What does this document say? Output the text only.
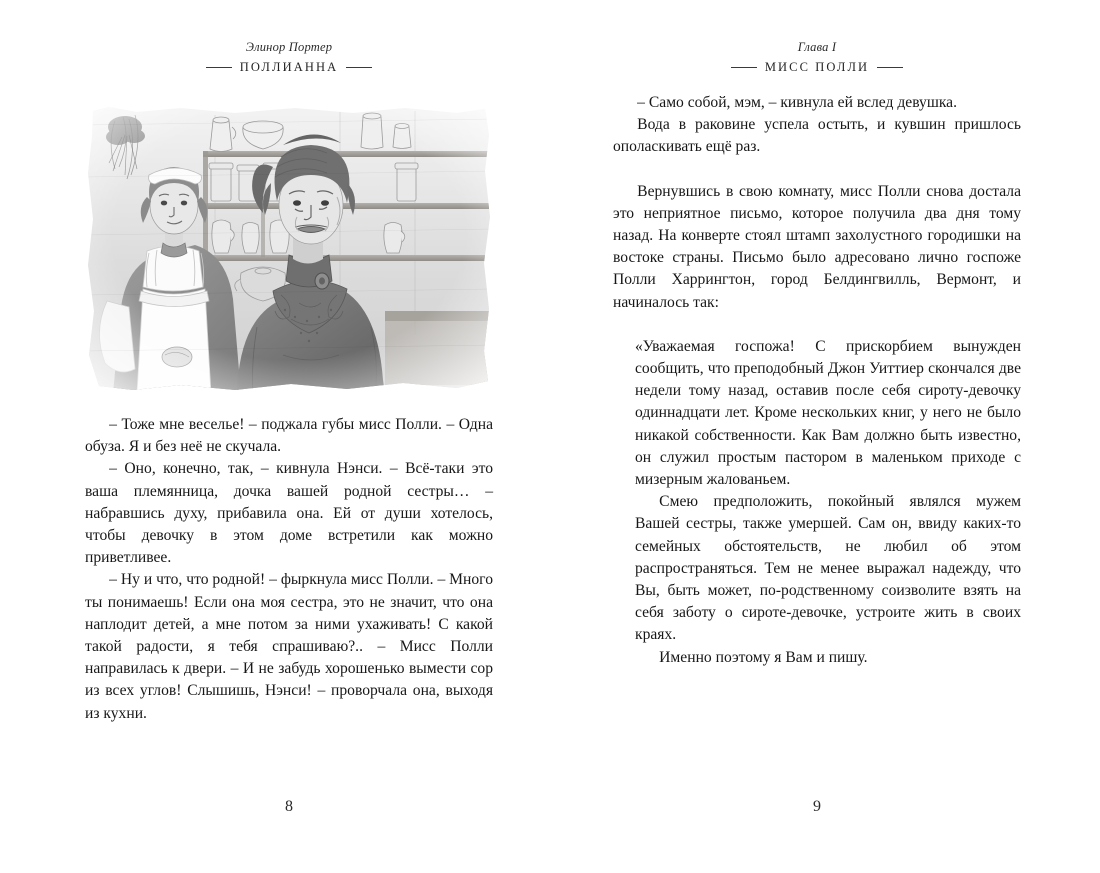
Элинор Портер
ПОЛЛИАННА

– Тоже мне веселье! – поджала губы мисс Полли. – Одна обуза. Я и без неё не скучала.

– Оно, конечно, так, – кивнула Нэнси. – Всё-таки это ваша племянница, дочка вашей родной сестры… – набравшись духу, прибавила она. Ей от души хотелось, чтобы девочку в этом доме встретили как можно приветливее.

– Ну и что, что родной! – фыркнула мисс Полли. – Много ты понимаешь! Если она моя сестра, это не значит, что она наплодит детей, а мне потом за ними ухаживать! С какой такой радости, я тебя спрашиваю?.. – Мисс Полли направилась к двери. – И не забудь хорошенько вымести сор из всех углов! Слышишь, Нэнси! – проворчала она, выходя из кухни.

8
Глава I
МИСС ПОЛЛИ

– Само собой, мэм, – кивнула ей вслед девушка.

Вода в раковине успела остыть, и кувшин пришлось ополаскивать ещё раз.

Вернувшись в свою комнату, мисс Полли снова достала это неприятное письмо, которое получила два дня тому назад. На конверте стоял штамп захолустного городишки на востоке страны. Письмо было адресовано лично госпоже Полли Харрингтон, город Белдингвилль, Вермонт, и начиналось так:

«Уважаемая госпожа! С прискорбием вынужден сообщить, что преподобный Джон Уиттиер скончался две недели тому назад, оставив после себя сироту-девочку одиннадцати лет. Кроме нескольких книг, у него не было никакой собственности. Как Вам должно быть известно, он служил простым пастором в маленьком приходе с мизерным жалованьем.

Смею предположить, покойный являлся мужем Вашей сестры, также умершей. Сам он, ввиду каких-то семейных обстоятельств, не любил об этом распространяться. Тем не менее выражал надежду, что Вы, быть может, по-родственному соизволите взять на себя заботу о сироте-девочке, устроите жить в своих краях.

Именно поэтому я Вам и пишу.

9
